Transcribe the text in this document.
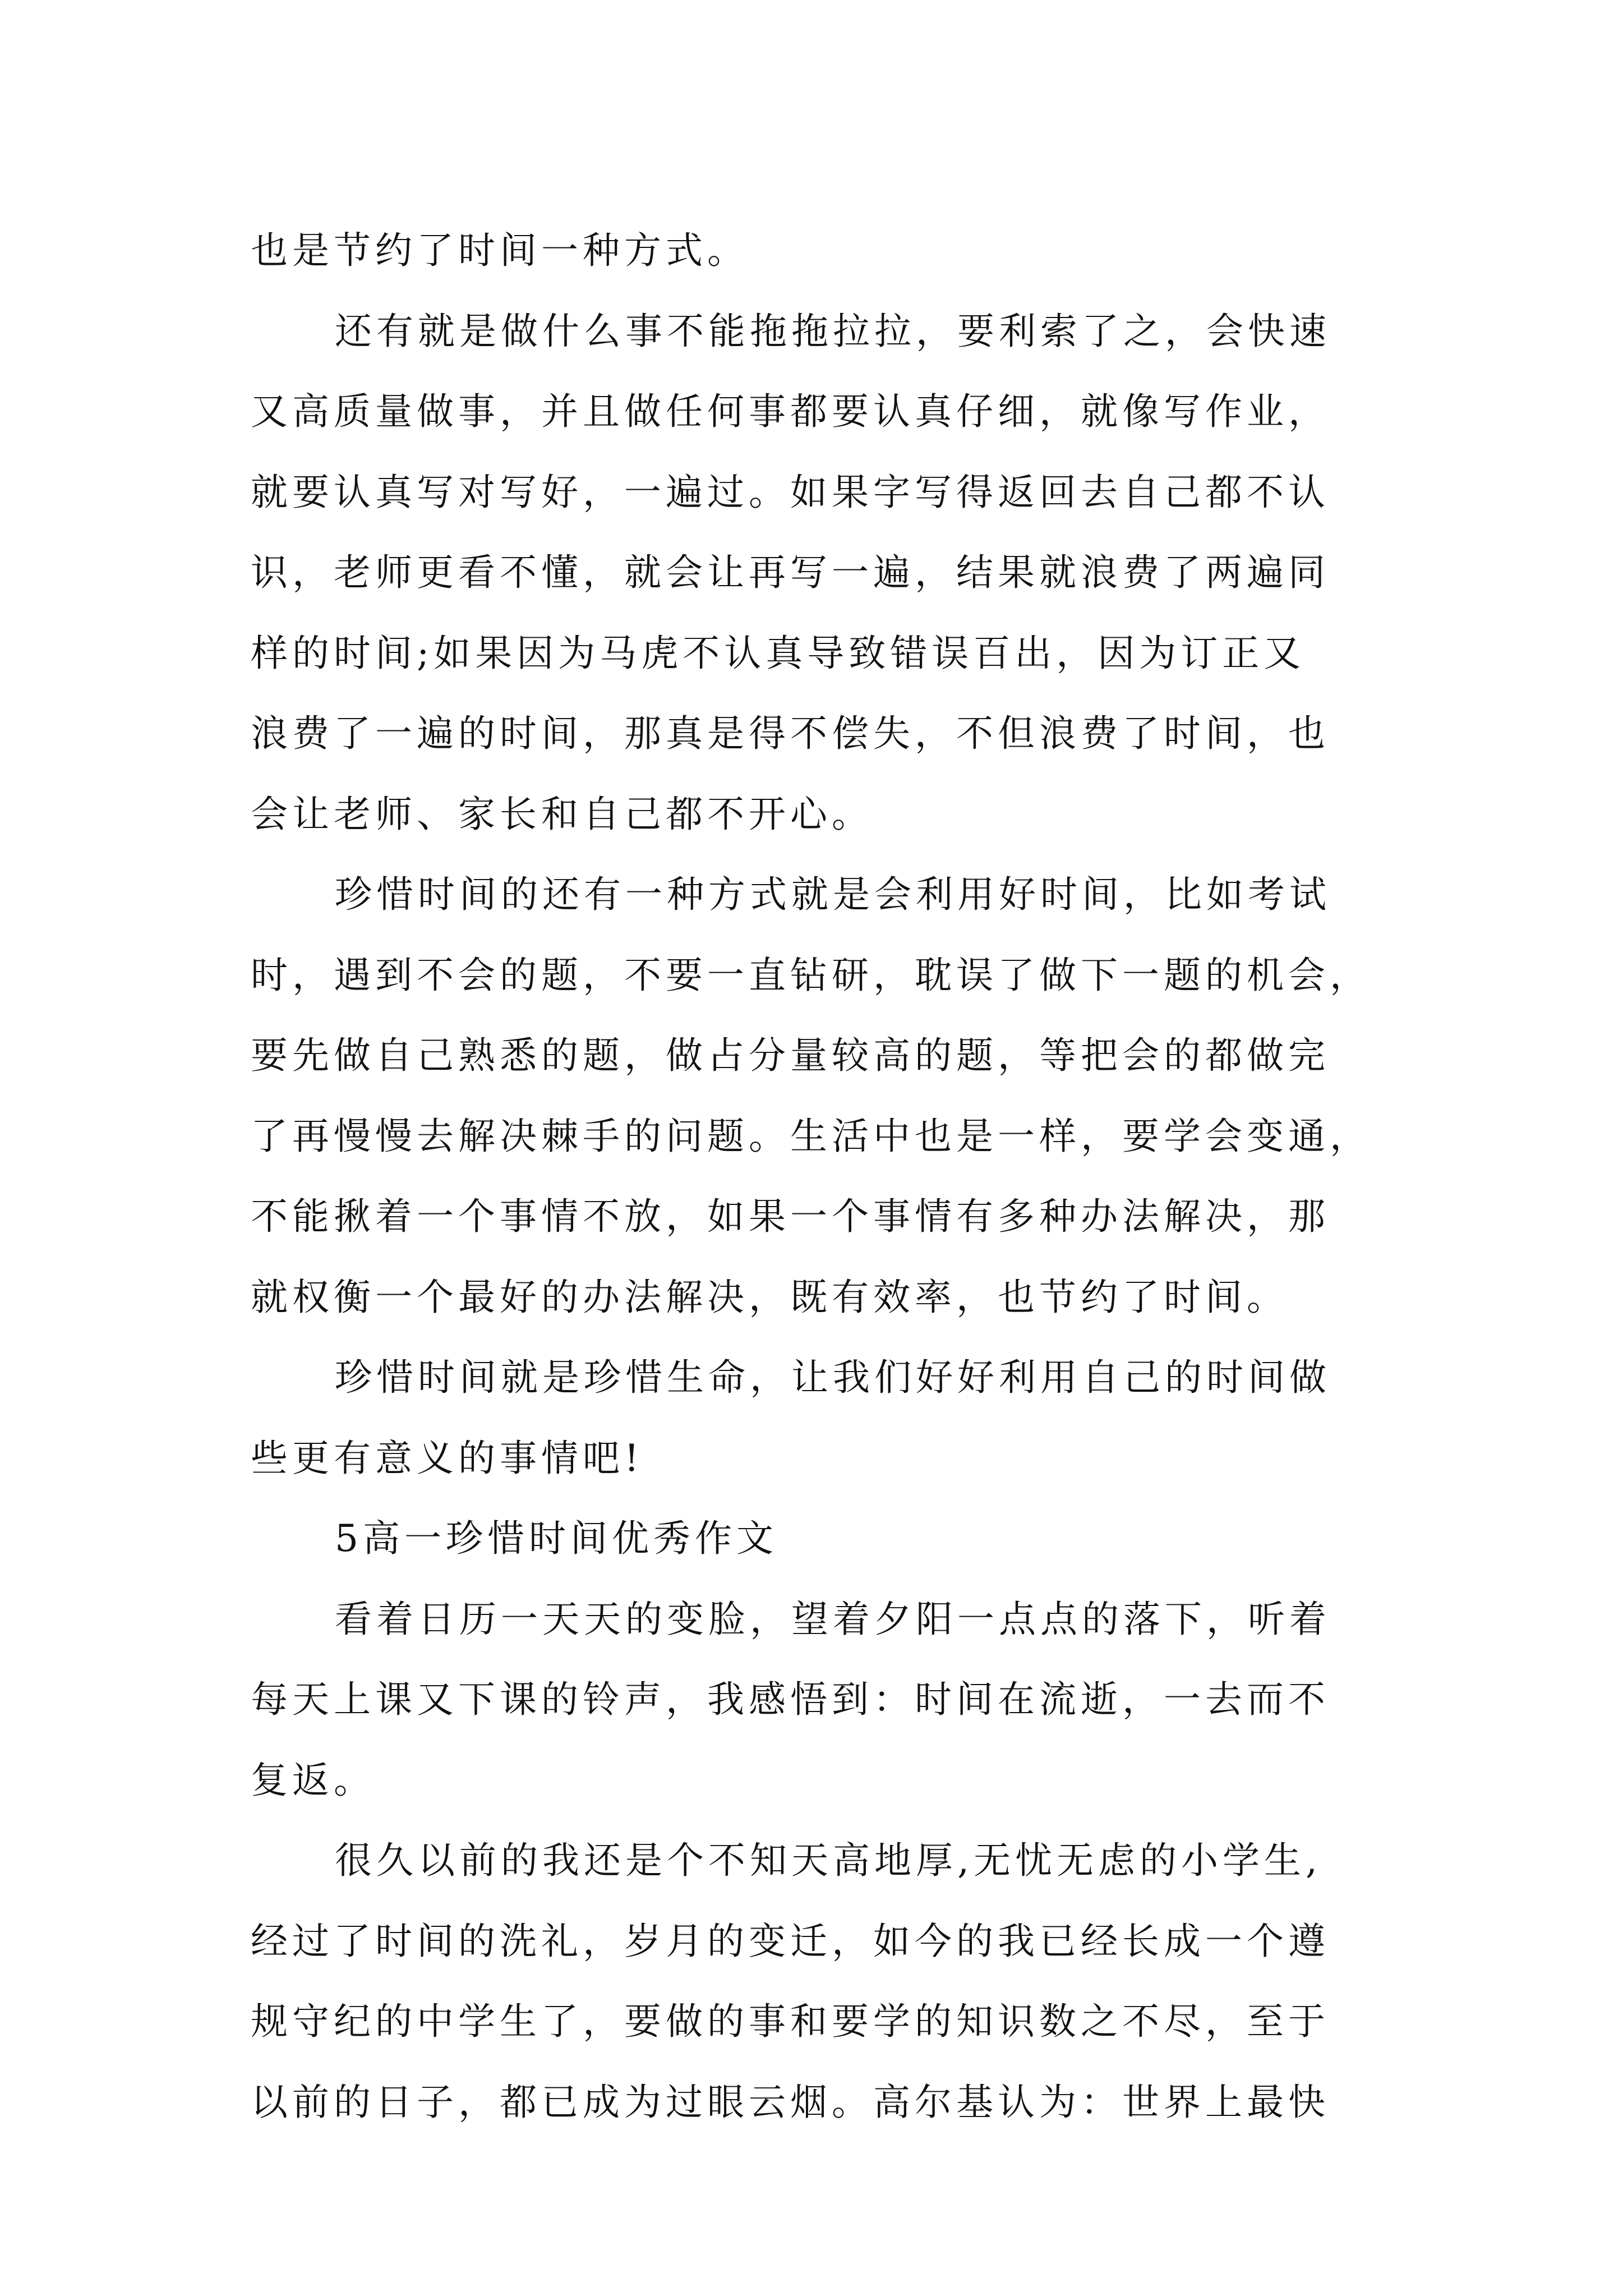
也是节约了时间一种方式。
还有就是做什么事不能拖拖拉拉，要利索了之，会快速
又高质量做事，并且做任何事都要认真仔细，就像写作业，
就要认真写对写好，一遍过。如果字写得返回去自己都不认
识，老师更看不懂，就会让再写一遍，结果就浪费了两遍同
样的时间;如果因为马虎不认真导致错误百出，因为订正又
浪费了一遍的时间，那真是得不偿失，不但浪费了时间，也
会让老师、家长和自己都不开心。
珍惜时间的还有一种方式就是会利用好时间，比如考试
时，遇到不会的题，不要一直钻研，耽误了做下一题的机会，
要先做自己熟悉的题，做占分量较高的题，等把会的都做完
了再慢慢去解决棘手的问题。生活中也是一样，要学会变通，
不能揪着一个事情不放，如果一个事情有多种办法解决，那
就权衡一个最好的办法解决，既有效率，也节约了时间。
珍惜时间就是珍惜生命，让我们好好利用自己的时间做
些更有意义的事情吧!
5高一珍惜时间优秀作文
看着日历一天天的变脸，望着夕阳一点点的落下，听着
每天上课又下课的铃声，我感悟到：时间在流逝，一去而不
复返。
很久以前的我还是个不知天高地厚,无忧无虑的小学生,
经过了时间的洗礼，岁月的变迁，如今的我已经长成一个遵
规守纪的中学生了，要做的事和要学的知识数之不尽，至于
以前的日子，都已成为过眼云烟。高尔基认为：世界上最快
